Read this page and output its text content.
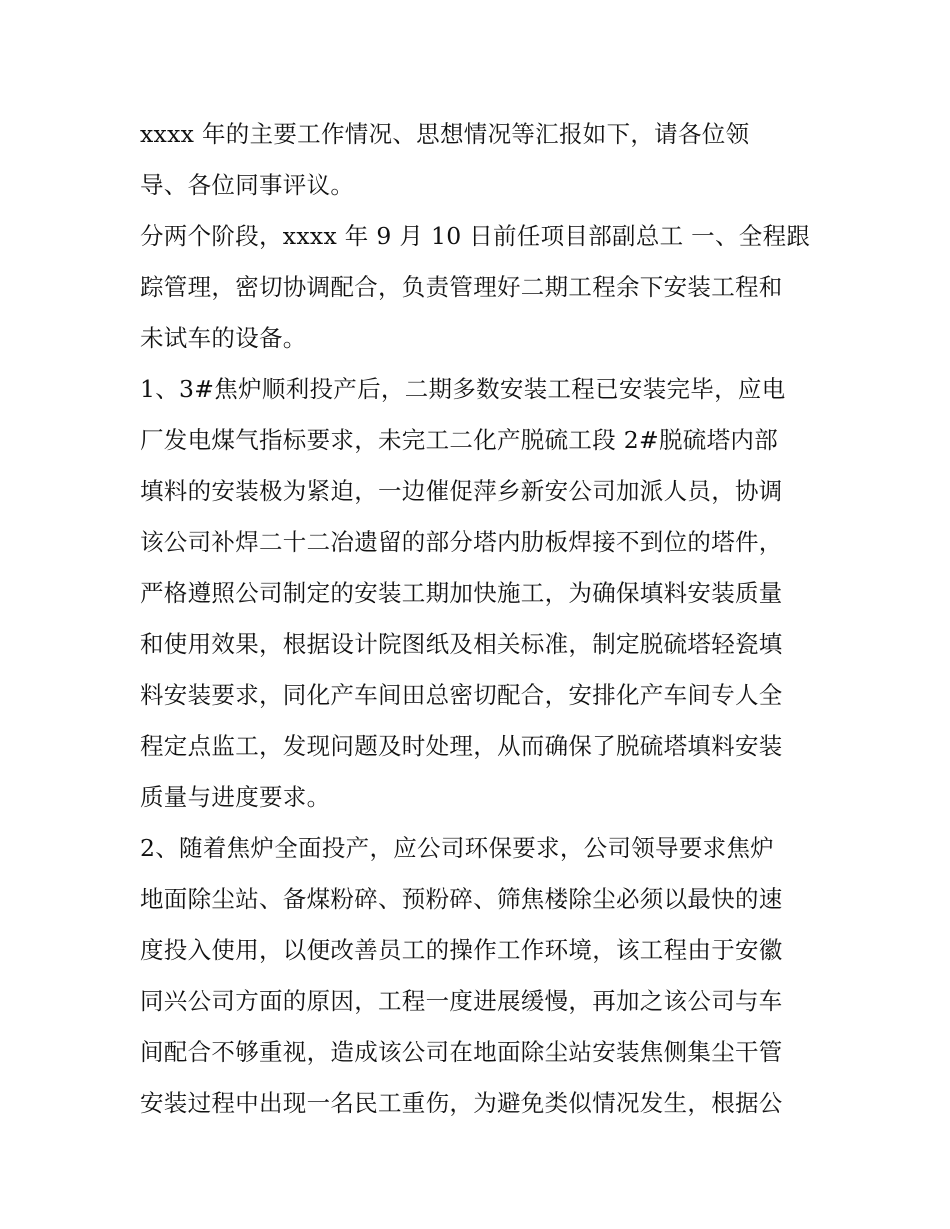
xxxx 年的主要工作情况、思想情况等汇报如下，请各位领
导、各位同事评议。
分两个阶段，xxxx 年 9 月 10 日前任项目部副总工 一、全程跟
踪管理，密切协调配合，负责管理好二期工程余下安装工程和
未试车的设备。
1、3#焦炉顺利投产后，二期多数安装工程已安装完毕，应电
厂发电煤气指标要求，未完工二化产脱硫工段 2#脱硫塔内部
填料的安装极为紧迫，一边催促萍乡新安公司加派人员，协调
该公司补焊二十二冶遗留的部分塔内肋板焊接不到位的塔件，
严格遵照公司制定的安装工期加快施工，为确保填料安装质量
和使用效果，根据设计院图纸及相关标准，制定脱硫塔轻瓷填
料安装要求，同化产车间田总密切配合，安排化产车间专人全
程定点监工，发现问题及时处理，从而确保了脱硫塔填料安装
质量与进度要求。
2、随着焦炉全面投产，应公司环保要求，公司领导要求焦炉
地面除尘站、备煤粉碎、预粉碎、筛焦楼除尘必须以最快的速
度投入使用，以便改善员工的操作工作环境，该工程由于安徽
同兴公司方面的原因，工程一度进展缓慢，再加之该公司与车
间配合不够重视，造成该公司在地面除尘站安装焦侧集尘干管
安装过程中出现一名民工重伤，为避免类似情况发生，根据公
